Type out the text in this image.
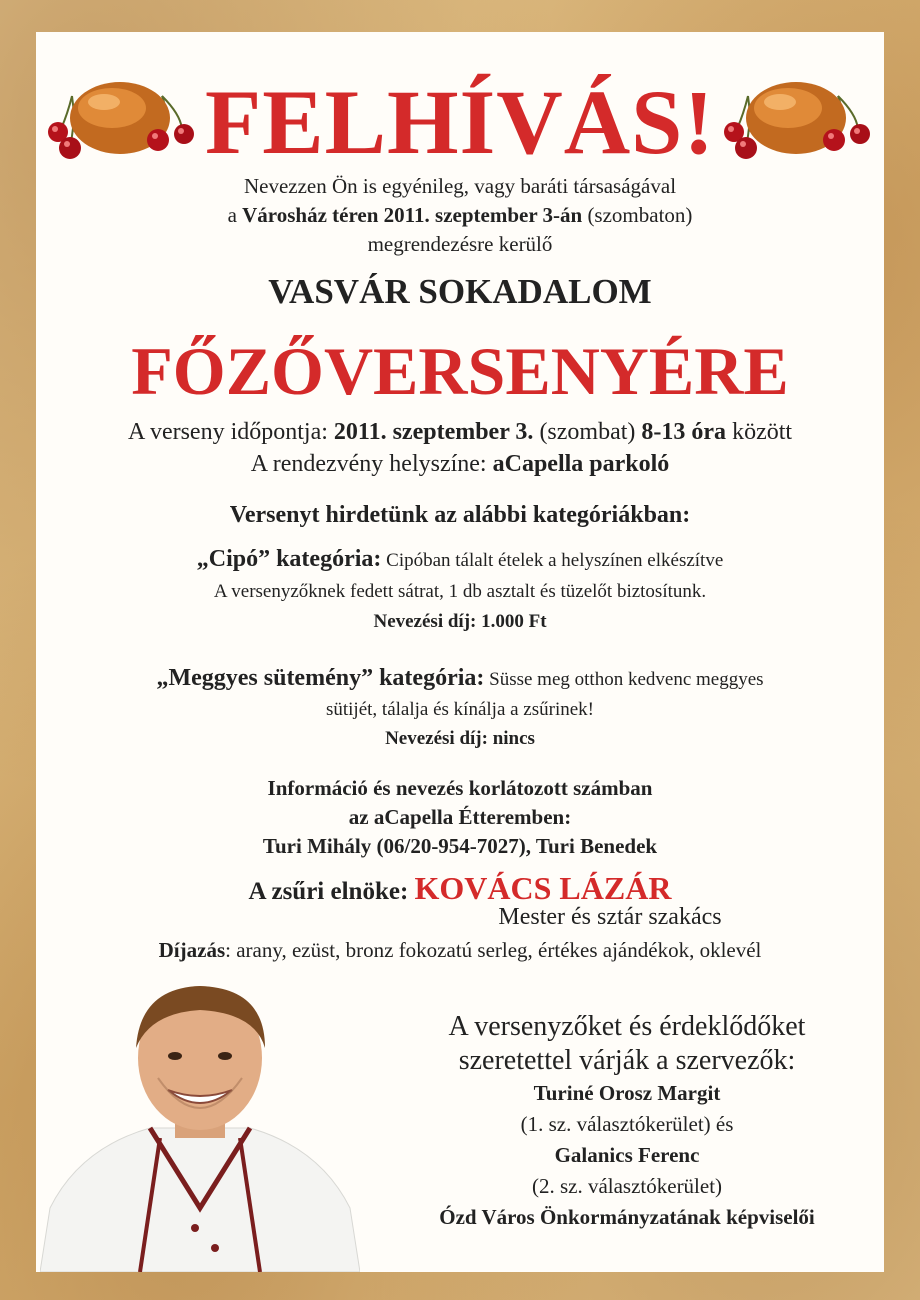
FELHÍVÁS!
Nevezzen Ön is egyénileg, vagy baráti társaságával
a Városház téren 2011. szeptember 3-án (szombaton)
megrendezésre kerülő
VASVÁR SOKADALOM
FŐZŐVERSENYÉRE
A verseny időpontja: 2011. szeptember 3. (szombat) 8-13 óra között
A rendezvény helyszíne: aCapella parkoló
Versenyt hirdetünk az alábbi kategóriákban:
„Cipó” kategória: Cipóban tálalt ételek a helyszínen elkészítve
A versenyzőknek fedett sátrat, 1 db asztalt és tüzelőt biztosítunk.
Nevezési díj: 1.000 Ft
„Meggyes sütemény” kategória: Süsse meg otthon kedvenc meggyes
sütijét, tálalja és kínálja a zsűrinek!
Nevezési díj: nincs
Információ és nevezés korlátozott számban
az aCapella Étteremben:
Turi Mihály (06/20-954-7027), Turi Benedek
A zsűri elnöke: KOVÁCS LÁZÁR
Mester és sztár szakács
Díjazás: arany, ezüst, bronz fokozatú serleg, értékes ajándékok, oklevél
A versenyzőket és érdeklődőket
szeretettel várják a szervezők:
Turiné Orosz Margit
(1. sz. választókerület) és
Galanics Ferenc
(2. sz. választókerület)
Ózd Város Önkormányzatának képviselői
